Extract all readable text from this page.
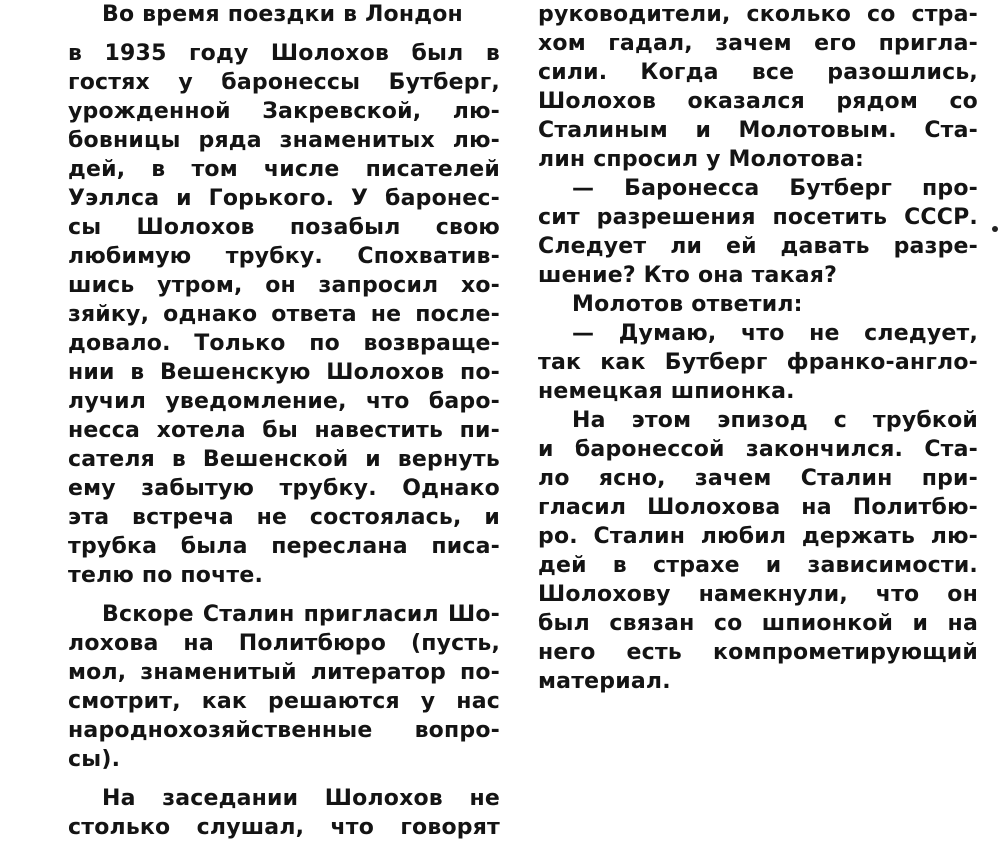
Во время поездки в Лондон
в 1935 году Шолохов был в
гостях у баронессы Бутберг,
урожденной Закревской, лю-
бовницы ряда знаменитых лю-
дей, в том числе писателей
Уэллса и Горького. У баронес-
сы Шолохов позабыл свою
любимую трубку. Спохватив-
шись утром, он запросил хо-
зяйку, однако ответа не после-
довало. Только по возвраще-
нии в Вешенскую Шолохов по-
лучил уведомление, что баро-
несса хотела бы навестить пи-
сателя в Вешенской и вернуть
ему забытую трубку. Однако
эта встреча не состоялась, и
трубка была переслана писа-
телю по почте.
Вскоре Сталин пригласил Шо-
лохова на Политбюро (пусть,
мол, знаменитый литератор по-
смотрит, как решаются у нас
народнохозяйственные вопро-
сы).
На заседании Шолохов не
столько слушал, что говорят
руководители, сколько со стра-
хом гадал, зачем его пригла-
сили. Когда все разошлись,
Шолохов оказался рядом со
Сталиным и Молотовым. Ста-
лин спросил у Молотова:
— Баронесса Бутберг про-
сит разрешения посетить СССР.
Следует ли ей давать разре-
шение? Кто она такая?
Молотов ответил:
— Думаю, что не следует,
так как Бутберг франко-англо-
немецкая шпионка.
На этом эпизод с трубкой
и баронессой закончился. Ста-
ло ясно, зачем Сталин при-
гласил Шолохова на Политбю-
ро. Сталин любил держать лю-
дей в страхе и зависимости.
Шолохову намекнули, что он
был связан со шпионкой и на
него есть компрометирующий
материал.
